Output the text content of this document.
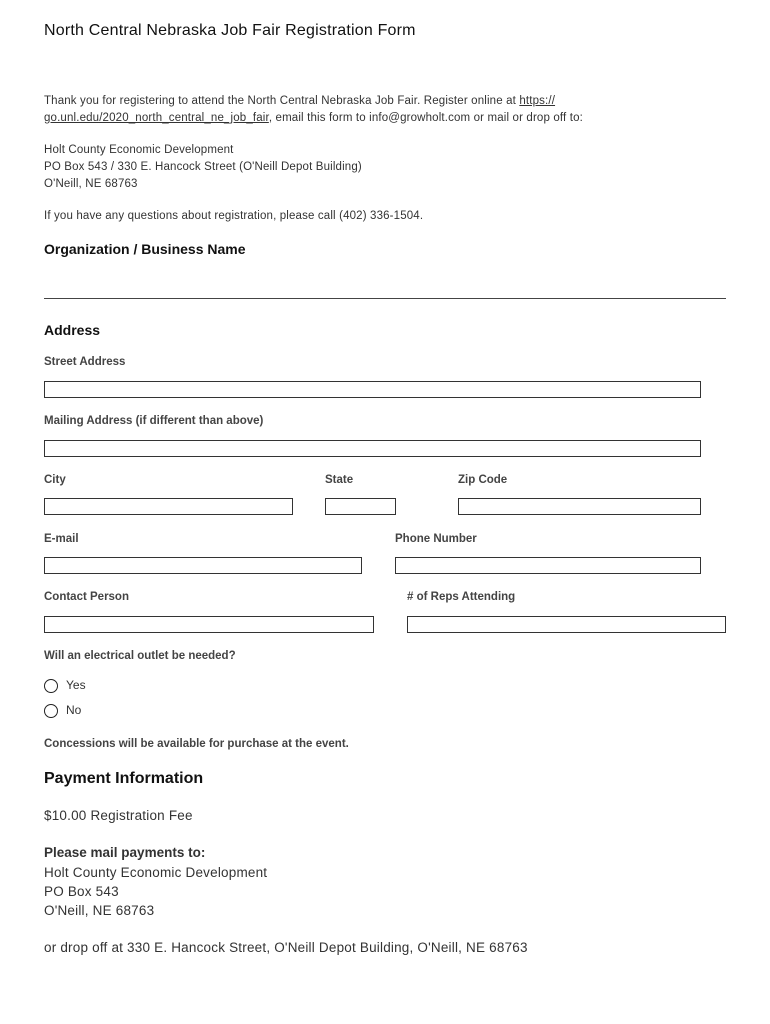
North Central Nebraska Job Fair Registration Form
Thank you for registering to attend the North Central Nebraska Job Fair. Register online at https://
go.unl.edu/2020_north_central_ne_job_fair, email this form to info@growholt.com or mail or drop off to:
Holt County Economic Development
PO Box 543 / 330 E. Hancock Street (O'Neill Depot Building)
O'Neill, NE 68763
If you have any questions about registration, please call (402) 336-1504.
Organization / Business Name
Address
Street Address
Mailing Address (if different than above)
City	State	Zip Code
E-mail	Phone Number
Contact Person	# of Reps Attending
Will an electrical outlet be needed?
Yes
No
Concessions will be available for purchase at the event.
Payment Information
$10.00 Registration Fee
Please mail payments to:
Holt County Economic Development
PO Box 543
O'Neill, NE 68763
or drop off at 330 E. Hancock Street, O'Neill Depot Building, O'Neill, NE 68763
